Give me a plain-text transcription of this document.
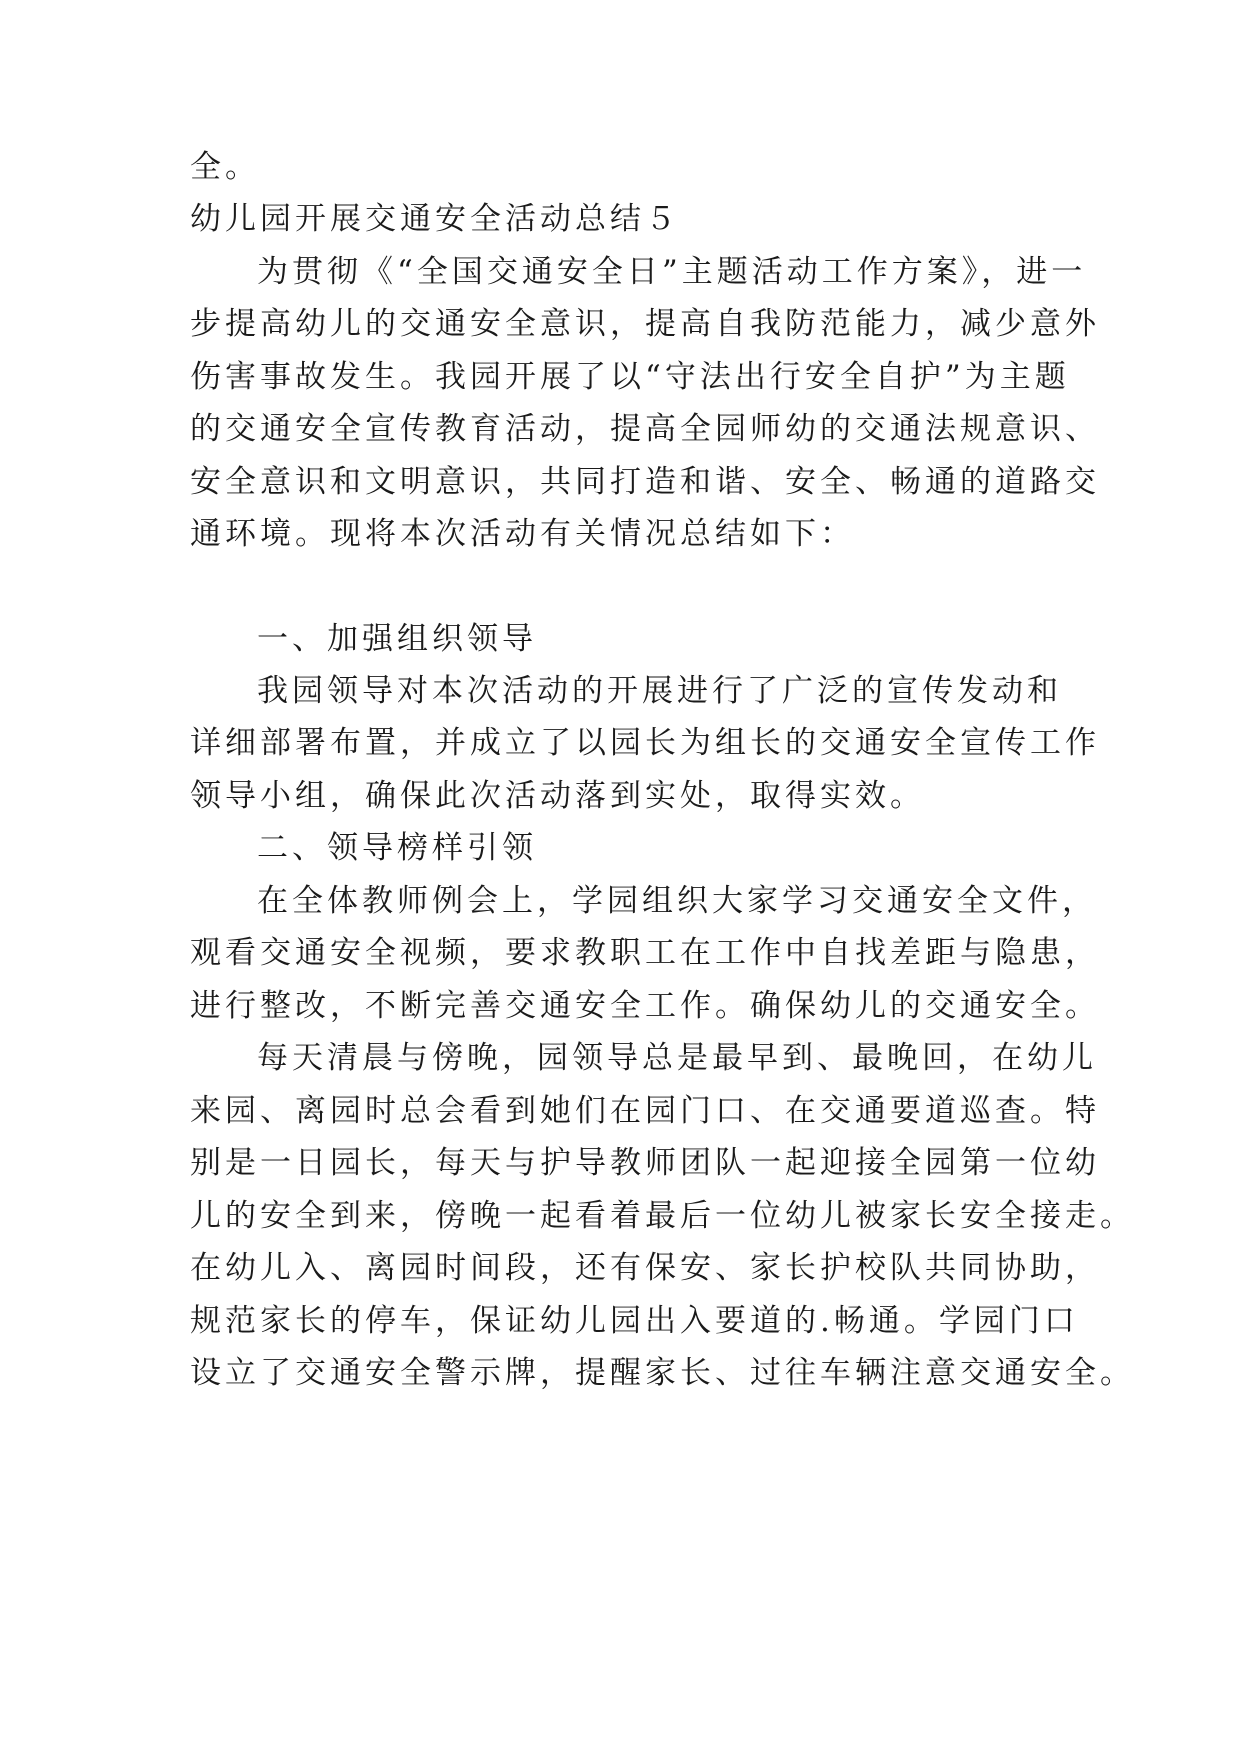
全。
幼儿园开展交通安全活动总结５
为贯彻《“全国交通安全日”主题活动工作方案》，进一
步提高幼儿的交通安全意识，提高自我防范能力，减少意外
伤害事故发生。我园开展了以“守法出行安全自护”为主题
的交通安全宣传教育活动，提高全园师幼的交通法规意识、
安全意识和文明意识，共同打造和谐、安全、畅通的道路交
通环境。现将本次活动有关情况总结如下：
一、加强组织领导
我园领导对本次活动的开展进行了广泛的宣传发动和
详细部署布置，并成立了以园长为组长的交通安全宣传工作
领导小组，确保此次活动落到实处，取得实效。
二、领导榜样引领
在全体教师例会上，学园组织大家学习交通安全文件，
观看交通安全视频，要求教职工在工作中自找差距与隐患，
进行整改，不断完善交通安全工作。确保幼儿的交通安全。
每天清晨与傍晚，园领导总是最早到、最晚回，在幼儿
来园、离园时总会看到她们在园门口、在交通要道巡查。特
别是一日园长，每天与护导教师团队一起迎接全园第一位幼
儿的安全到来，傍晚一起看着最后一位幼儿被家长安全接走。
在幼儿入、离园时间段，还有保安、家长护校队共同协助，
规范家长的停车，保证幼儿园出入要道的.畅通。学园门口
设立了交通安全警示牌，提醒家长、过往车辆注意交通安全。
